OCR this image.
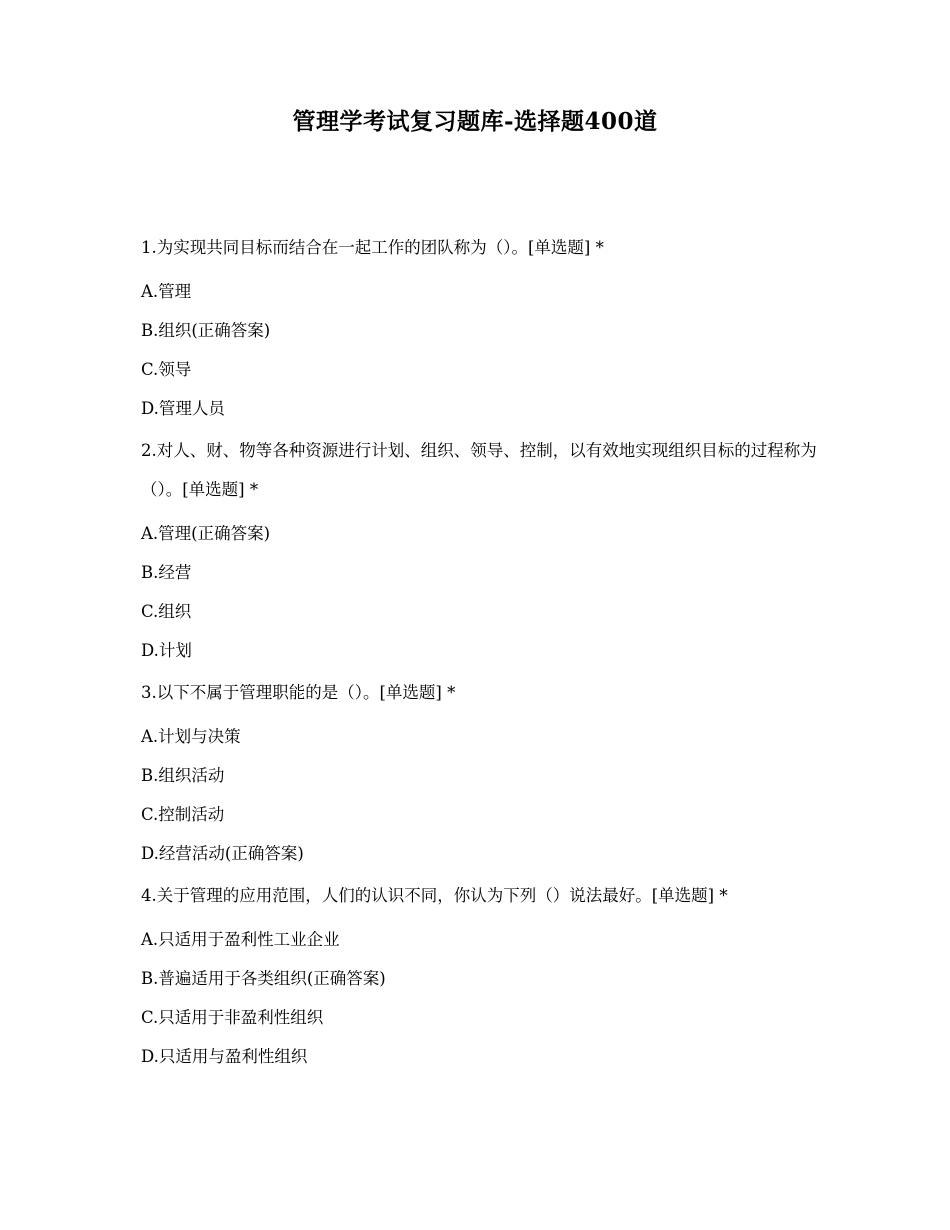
管理学考试复习题库-选择题400道

1.为实现共同目标而结合在一起工作的团队称为（）。[单选题] *

A.管理

B.组织(正确答案)

C.领导

D.管理人员

2.对人、财、物等各种资源进行计划、组织、领导、控制，以有效地实现组织目标的过程称为（）。[单选题] *

A.管理(正确答案)

B.经营

C.组织

D.计划

3.以下不属于管理职能的是（）。[单选题] *

A.计划与决策

B.组织活动

C.控制活动

D.经营活动(正确答案)

4.关于管理的应用范围，人们的认识不同，你认为下列（）说法最好。[单选题] *

A.只适用于盈利性工业企业

B.普遍适用于各类组织(正确答案)

C.只适用于非盈利性组织

D.只适用与盈利性组织
